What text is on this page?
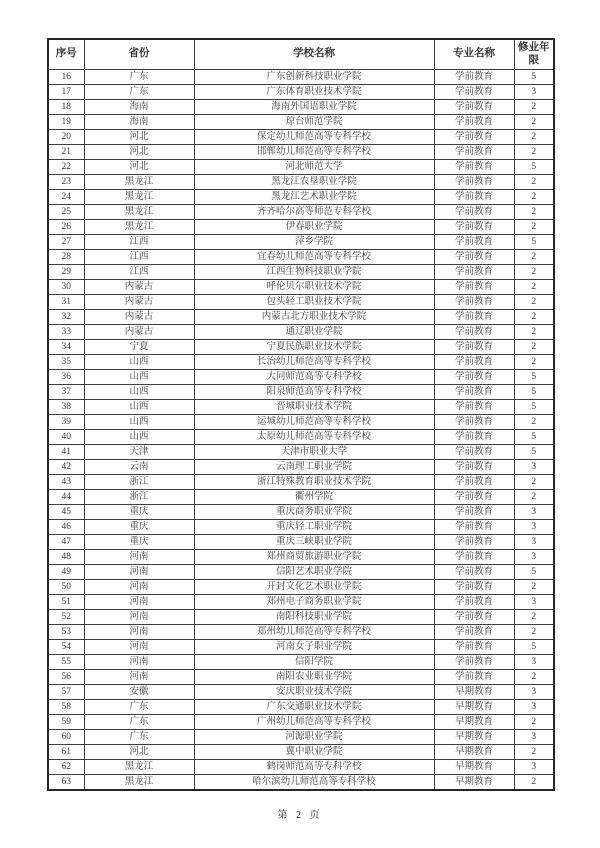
序号	省份	学校名称	专业名称	修业年限
16	广东	广东创新科技职业学院	学前教育	5
17	广东	广东体育职业技术学院	学前教育	3
18	海南	海南外国语职业学院	学前教育	2
19	海南	琼台师范学院	学前教育	2
20	河北	保定幼儿师范高等专科学校	学前教育	2
21	河北	邯郸幼儿师范高等专科学校	学前教育	2
22	河北	河北师范大学	学前教育	5
23	黑龙江	黑龙江农垦职业学院	学前教育	2
24	黑龙江	黑龙江艺术职业学院	学前教育	2
25	黑龙江	齐齐哈尔高等师范专科学校	学前教育	2
26	黑龙江	伊春职业学院	学前教育	2
27	江西	萍乡学院	学前教育	5
28	江西	宜春幼儿师范高等专科学校	学前教育	2
29	江西	江西生物科技职业学院	学前教育	2
30	内蒙古	呼伦贝尔职业技术学院	学前教育	2
31	内蒙古	包头轻工职业技术学院	学前教育	2
32	内蒙古	内蒙古北方职业技术学院	学前教育	2
33	内蒙古	通辽职业学院	学前教育	2
34	宁夏	宁夏民族职业技术学院	学前教育	2
35	山西	长治幼儿师范高等专科学校	学前教育	2
36	山西	大同师范高等专科学校	学前教育	5
37	山西	阳泉师范高等专科学校	学前教育	5
38	山西	晋城职业技术学院	学前教育	5
39	山西	运城幼儿师范高等专科学校	学前教育	2
40	山西	太原幼儿师范高等专科学校	学前教育	5
41	天津	天津市职业大学	学前教育	5
42	云南	云南理工职业学院	学前教育	3
43	浙江	浙江特殊教育职业技术学院	学前教育	2
44	浙江	衢州学院	学前教育	2
45	重庆	重庆商务职业学院	学前教育	3
46	重庆	重庆轻工职业学院	学前教育	3
47	重庆	重庆三峡职业学院	学前教育	3
48	河南	郑州商贸旅游职业学院	学前教育	3
49	河南	信阳艺术职业学院	学前教育	5
50	河南	开封文化艺术职业学院	学前教育	2
51	河南	郑州电子商务职业学院	学前教育	3
52	河南	南阳科技职业学院	学前教育	2
53	河南	郑州幼儿师范高等专科学校	学前教育	2
54	河南	河南女子职业学院	学前教育	5
55	河南	信阳学院	学前教育	3
56	河南	南阳农业职业学院	学前教育	2
57	安徽	安庆职业技术学院	早期教育	3
58	广东	广东交通职业技术学院	早期教育	3
59	广东	广州幼儿师范高等专科学校	早期教育	2
60	广东	河源职业学院	早期教育	3
61	河北	冀中职业学院	早期教育	2
62	黑龙江	鹤岗师范高等专科学校	早期教育	3
63	黑龙江	哈尔滨幼儿师范高等专科学校	早期教育	2
第 2 页
